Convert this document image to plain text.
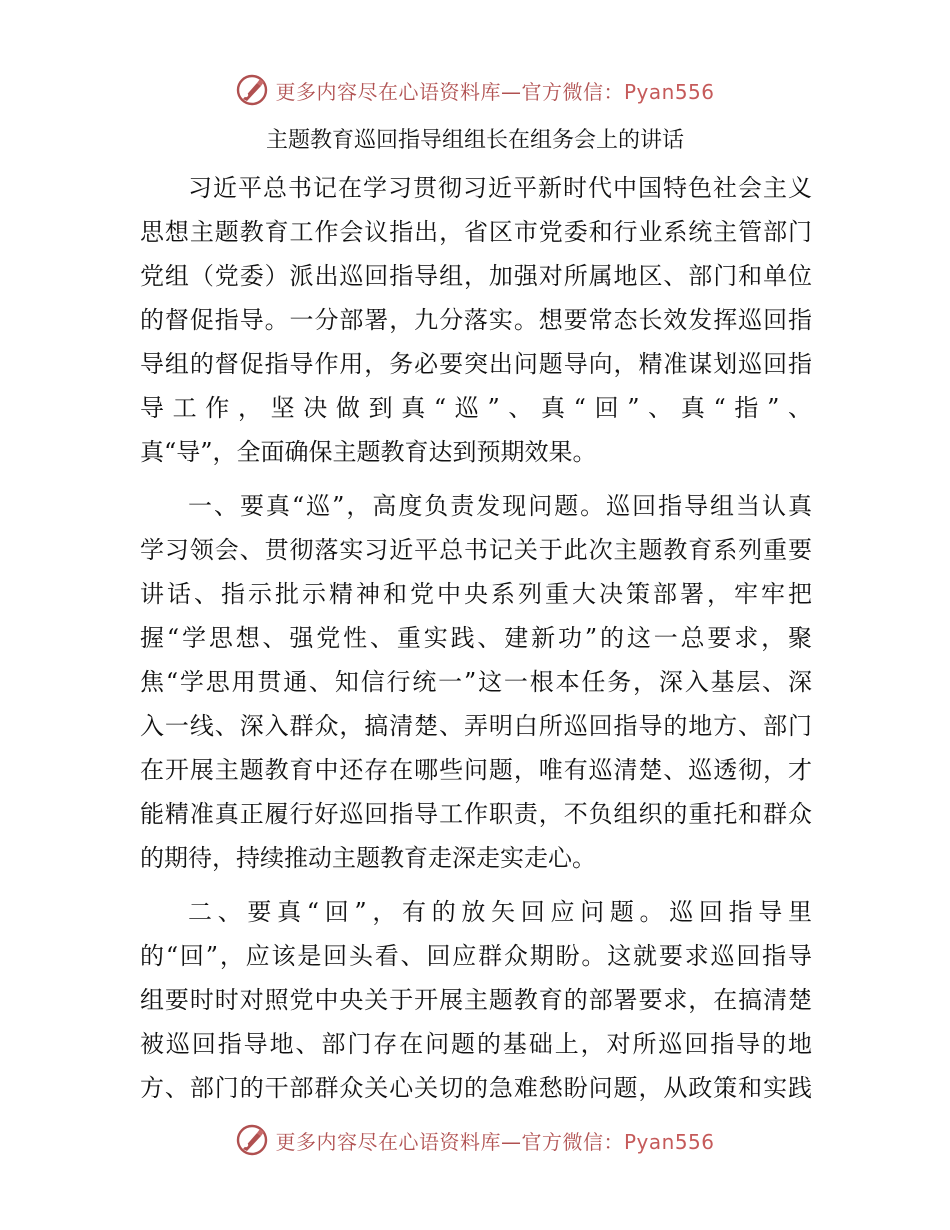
更多内容尽在心语资料库—官方微信：Pyan556
主题教育巡回指导组组长在组务会上的讲话
习近平总书记在学习贯彻习近平新时代中国特色社会主义
思想主题教育工作会议指出，省区市党委和行业系统主管部门
党组（党委）派出巡回指导组，加强对所属地区、部门和单位
的督促指导。一分部署，九分落实。想要常态长效发挥巡回指
导组的督促指导作用，务必要突出问题导向，精准谋划巡回指
导工作，坚决做到真“巡”、真“回”、真“指”、
真“导”，全面确保主题教育达到预期效果。
一、要真“巡”，高度负责发现问题。巡回指导组当认真
学习领会、贯彻落实习近平总书记关于此次主题教育系列重要
讲话、指示批示精神和党中央系列重大决策部署，牢牢把
握“学思想、强党性、重实践、建新功”的这一总要求，聚
焦“学思用贯通、知信行统一”这一根本任务，深入基层、深
入一线、深入群众，搞清楚、弄明白所巡回指导的地方、部门
在开展主题教育中还存在哪些问题，唯有巡清楚、巡透彻，才
能精准真正履行好巡回指导工作职责，不负组织的重托和群众
的期待，持续推动主题教育走深走实走心。
二、要真“回”，有的放矢回应问题。巡回指导里
的“回”，应该是回头看、回应群众期盼。这就要求巡回指导
组要时时对照党中央关于开展主题教育的部署要求，在搞清楚
被巡回指导地、部门存在问题的基础上，对所巡回指导的地
方、部门的干部群众关心关切的急难愁盼问题，从政策和实践
更多内容尽在心语资料库—官方微信：Pyan556
